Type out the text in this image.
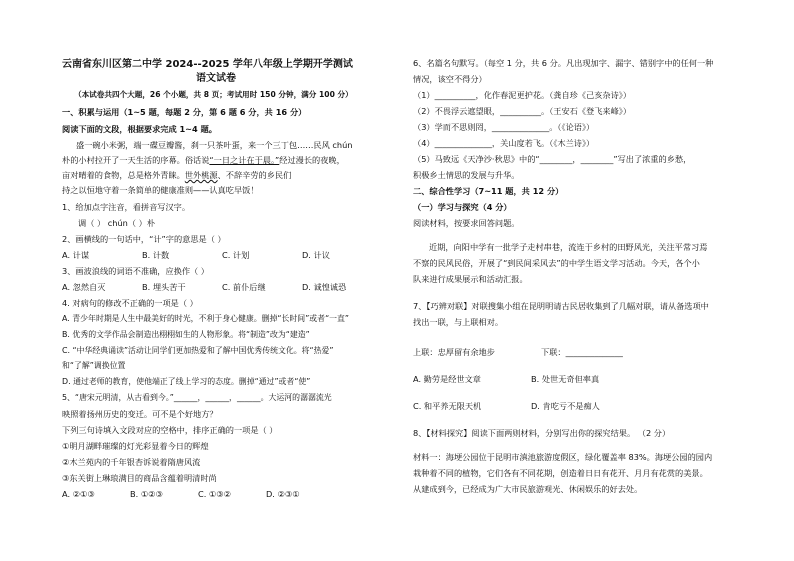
云南省东川区第二中学 2024--2025 学年八年级上学期开学测试
语文试卷
（本试卷共四个大题，26 个小题，共 8 页；考试用时 150 分钟，满分 100 分）
一、积累与运用（1~5 题，每题 2 分，第 6 题 6 分，共 16 分）
阅读下面的文段，根据要求完成 1~4 题。
盛一碗小米粥，端一碟豆瓣酱，刹一只茶叶蛋，来一个三丁包……民风 chún
朴的小村拉开了一天生活的序幕。俗话说“一日之计在于晨。”经过漫长的夜晚，
亩对晴着的食物，总是格外青睐。世外桃源、不辞辛劳的乡民们
持之以恒地守着一条简单的健康准则——认真吃早饭！
1、给加点字注音，看拼音写汉字。
调（ ） chún（ ）朴
2、画横线的一句话中，“计”字的意思是（ ）
A. 计谋	B. 计数	C. 计划	D. 计议
3、画波浪线的词语不准确，应换作（ ）
A. 忽然自灭	B. 埋头苦干	C. 前仆后继	D. 诚惶诚恐
4. 对病句的修改不正确的一项是（ ）
A. 青少年时期是人生中最美好的时光，不利于身心健康。删掉“长时间”或者“一直”
B. 优秀的文学作品会制造出栩栩如生的人物形象。将“制造”改为“建造”
C. “中华经典诵读”活动让同学们更加热爱和了解中国优秀传统文化。将“热爱”
和“了解”调换位置
D. 通过老师的教育，使他端正了线上学习的态度。删掉“通过”或者“使”
5、“唐宋元明清，从古看到今。”______，______，______。大运河的潺潺流光
映照着扬州历史的变迁。可不是个好地方？
下列三句诗填入文段对应的空格中，排序正确的一项是（ ）
①明月湖畔璀璨的灯光彩显着今日的辉煌
②木兰苑内的千年银杏诉说着隋唐风流
③东关街上琳琅满目的商品含蕴着明清时尚
A. ②①③	B. ①②③	C. ①③②	D. ②③①
6、名篇名句默写。（每空 1 分，共 6 分。凡出现加字、漏字、错别字中的任何一种
情况，该空不得分）
（1）__________，化作春泥更护花。（龚自珍《己亥杂诗》）
（2）不畏浮云遮望眼，__________。（王安石《登飞来峰》）
（3）学而不思则罔，______________。（《论语》）
（4）______________，关山度若飞。（《木兰诗》）
（5）马致远《天净沙·秋思》中的“________，________”写出了浓重的乡愁，
积极乡土情思的发展与升华。
二、综合性学习（7~11 题，共 12 分）
（一）学习与探究（4 分）
阅读材料，按要求回答问题。
近期，向阳中学有一批学子走村串巷，流连于乡村的田野风光，关注平常习焉
不察的民风民俗，开展了“到民间采风去”的中学生语文学习活动。今天，各个小
队来进行成果展示和活动汇报。
7、【巧辨对联】对联搜集小组在昆明明请古民居收集到了几幅对联，请从备选项中
找出一联，与上联相对。
上联：忠厚留有余地步	下联：______________
A. 勤劳是经世文章	B. 处世无奇但率真
C. 和平养无限天机	D. 肯吃亏不是痴人
8、【材料探究】阅读下面两则材料，分别写出你的探究结果。 （2 分）
材料一：海埂公园位于昆明市滇池旅游度假区，绿化覆盖率 83%。海埂公园的园内
栽种着不同的植物，它们各有不同花期，创造着日日有花开、月月有花赏的美景。
从建成到今，已经成为广大市民旅游观光、休闲娱乐的好去处。
